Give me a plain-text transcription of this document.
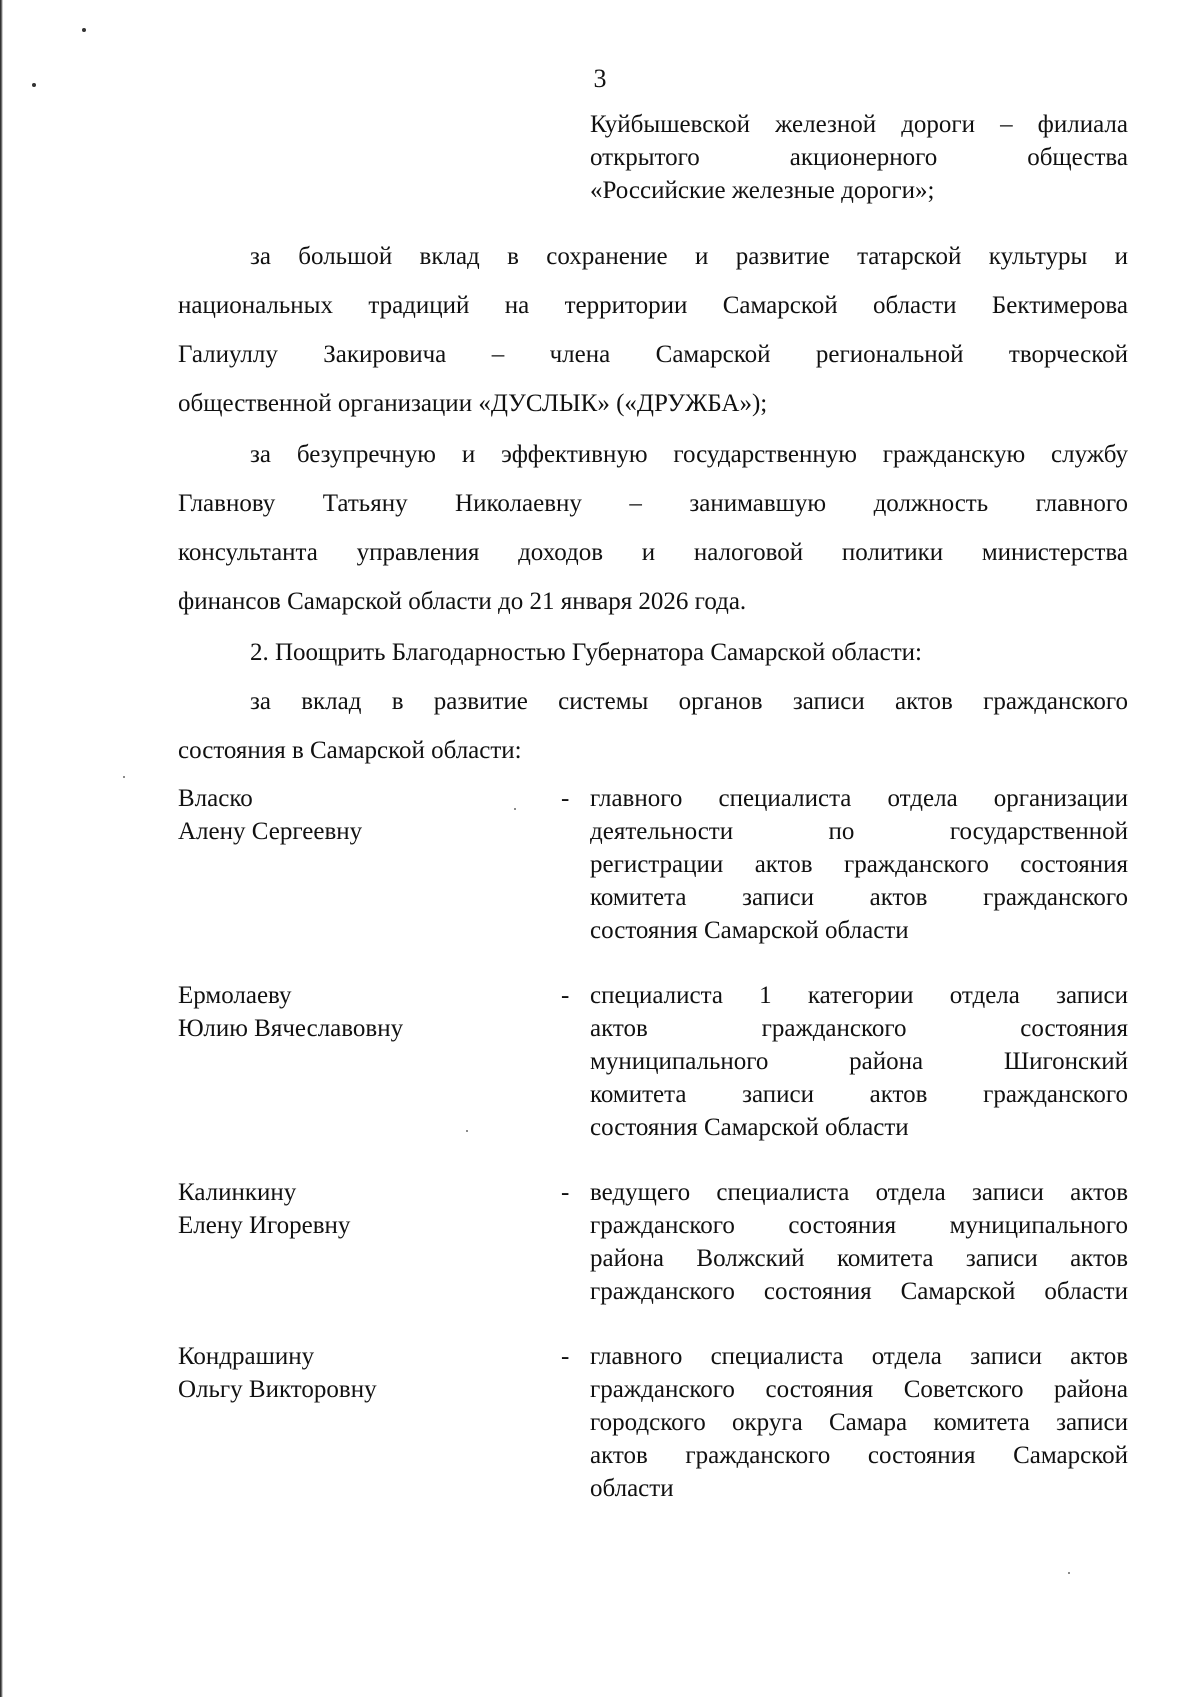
3
Куйбышевской железной дороги – филиала
открытого акционерного общества
«Российские железные дороги»;
за большой вклад в сохранение и развитие татарской культуры и
национальных традиций на территории Самарской области Бектимерова
Галиуллу Закировича – члена Самарской региональной творческой
общественной организации «ДУСЛЫК» («ДРУЖБА»);
за безупречную и эффективную государственную гражданскую службу
Главнову Татьяну Николаевну – занимавшую должность главного
консультанта управления доходов и налоговой политики министерства
финансов Самарской области до 21 января 2026 года.
2. Поощрить Благодарностью Губернатора Самарской области:
за вклад в развитие системы органов записи актов гражданского
состояния в Самарской области:
Власко
Алену Сергеевну
- главного специалиста отдела организации
деятельности по государственной
регистрации актов гражданского состояния
комитета записи актов гражданского
состояния Самарской области
Ермолаеву
Юлию Вячеславовну
- специалиста 1 категории отдела записи
актов гражданского состояния
муниципального района Шигонский
комитета записи актов гражданского
состояния Самарской области
Калинкину
Елену Игоревну
- ведущего специалиста отдела записи актов
гражданского состояния муниципального
района Волжский комитета записи актов
гражданского состояния Самарской области
Кондрашину
Ольгу Викторовну
- главного специалиста отдела записи актов
гражданского состояния Советского района
городского округа Самара комитета записи
актов гражданского состояния Самарской
области
